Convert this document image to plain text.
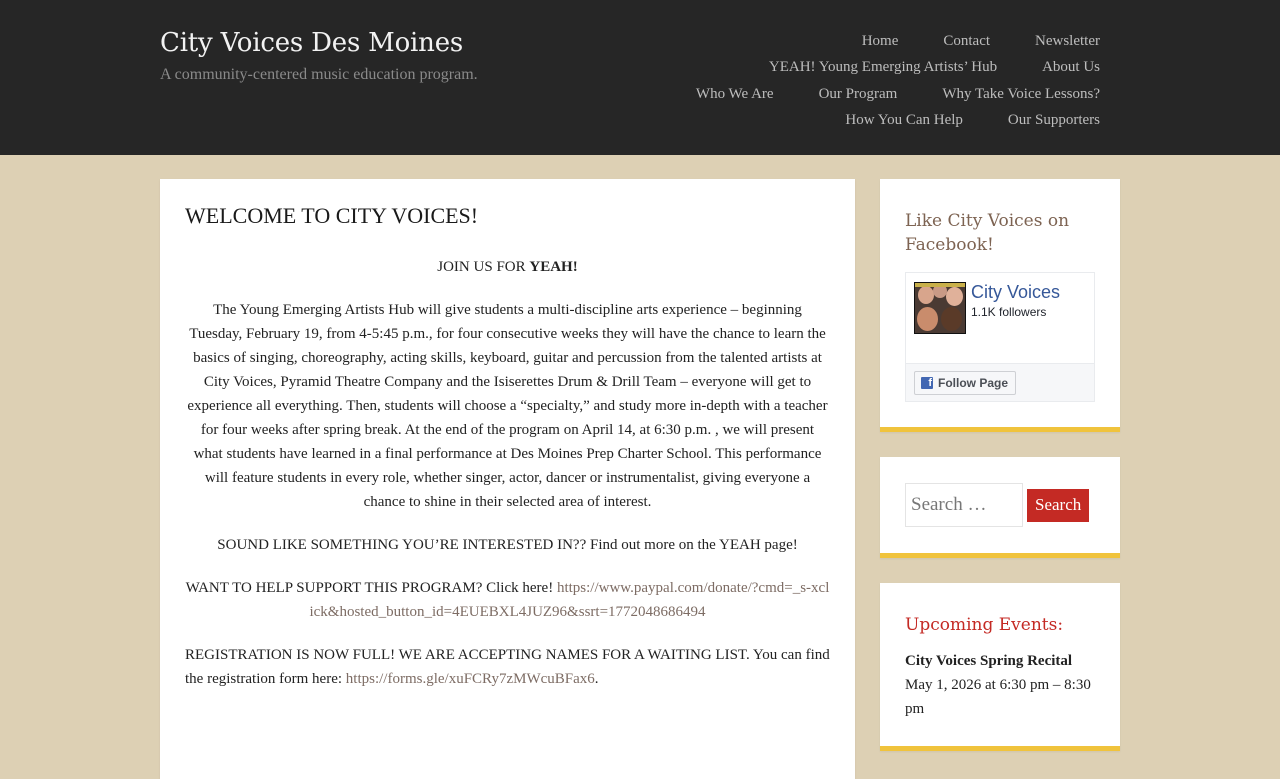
City Voices Des Moines
A community-centered music education program.
Home	Contact	Newsletter
YEAH! Young Emerging Artists’ Hub	About Us
Who We Are	Our Program	Why Take Voice Lessons?
How You Can Help	Our Supporters
WELCOME TO CITY VOICES!

JOIN US FOR YEAH!

The Young Emerging Artists Hub will give students a multi-discipline arts experience – beginning Tuesday, February 19, from 4-5:45 p.m., for four consecutive weeks they will have the chance to learn the basics of singing, choreography, acting skills, keyboard, guitar and percussion from the talented artists at City Voices, Pyramid Theatre Company and the Isiserettes Drum & Drill Team – everyone will get to experience all everything. Then, students will choose a “specialty,” and study more in-depth with a teacher for four weeks after spring break. At the end of the program on April 14, at 6:30 p.m. , we will present what students have learned in a final performance at Des Moines Prep Charter School. This performance will feature students in every role, whether singer, actor, dancer or instrumentalist, giving everyone a chance to shine in their selected area of interest.

SOUND LIKE SOMETHING YOU’RE INTERESTED IN?? Find out more on the YEAH page!

WANT TO HELP SUPPORT THIS PROGRAM? Click here! https://www.paypal.com/donate/?cmd=_s-xclick&hosted_button_id=4EUEBXL4JUZ96&ssrt=1772048686494

REGISTRATION IS NOW FULL! WE ARE ACCEPTING NAMES FOR A WAITING LIST. You can find the registration form here: https://forms.gle/xuFCRy7zMWcuBFax6.

Like City Voices on Facebook!
City Voices
1.1K followers
f Follow Page
Search …
Search
Upcoming Events:
City Voices Spring Recital
May 1, 2026 at 6:30 pm – 8:30 pm
